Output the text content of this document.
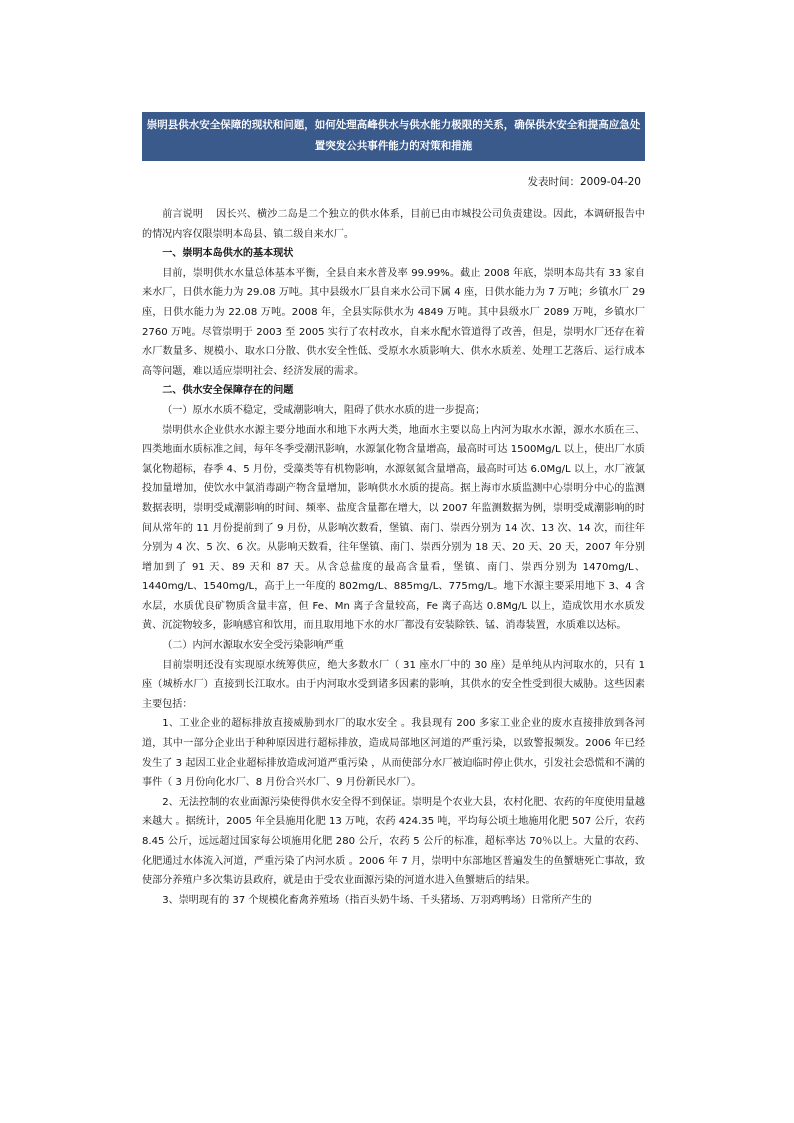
崇明县供水安全保障的现状和问题，如何处理高峰供水与供水能力极限的关系，确保供水安全和提高应急处置突发公共事件能力的对策和措施
发表时间：2009-04-20

前言说明 因长兴、横沙二岛是二个独立的供水体系，目前已由市城投公司负责建设。因此，本调研报告中的情况内容仅限崇明本岛县、镇二级自来水厂。

一、崇明本岛供水的基本现状

目前，崇明供水水量总体基本平衡，全县自来水普及率 99.99%。截止 2008 年底，崇明本岛共有 33 家自来水厂，日供水能力为 29.08 万吨。其中县级水厂县自来水公司下属 4 座，日供水能力为 7 万吨；乡镇水厂 29 座，日供水能力为 22.08 万吨。2008 年，全县实际供水为 4849 万吨。其中县级水厂 2089 万吨，乡镇水厂 2760 万吨。尽管崇明于 2003 至 2005 实行了农村改水，自来水配水管道得了改善，但是，崇明水厂还存在着水厂数量多、规模小、取水口分散、供水安全性低、受原水水质影响大、供水水质差、处理工艺落后、运行成本高等问题，难以适应崇明社会、经济发展的需求。

二、供水安全保障存在的问题

（一）原水水质不稳定，受咸潮影响大，阻碍了供水水质的进一步提高；

崇明供水企业供水水源主要分地面水和地下水两大类，地面水主要以岛上内河为取水水源，源水水质在三、四类地面水质标准之间，每年冬季受潮汛影响，水源氯化物含量增高，最高时可达 1500Mg/L 以上，使出厂水质氯化物超标，春季 4、5 月份，受藻类等有机物影响，水源氨氮含量增高，最高时可达 6.0Mg/L 以上，水厂液氯投加量增加，使饮水中氯消毒副产物含量增加，影响供水水质的提高。据上海市水质监测中心崇明分中心的监测数据表明，崇明受咸潮影响的时间、频率、盐度含量都在增大，以 2007 年监测数据为例，崇明受咸潮影响的时间从常年的 11 月份提前到了 9 月份，从影响次数看，堡镇、南门、崇西分别为 14 次、13 次、14 次，而往年分别为 4 次、5 次、6 次。从影响天数看，往年堡镇、南门、崇西分别为 18 天、20 天、20 天，2007 年分别增加到了 91 天、89 天和 87 天。从含总盐度的最高含量看，堡镇、南门、崇西分别为 1470mg/L、1440mg/L、1540mg/L，高于上一年度的 802mg/L、885mg/L、775mg/L。地下水源主要采用地下 3、4 含水层，水质优良矿物质含量丰富，但 Fe、Mn 离子含量较高，Fe 离子高达 0.8Mg/L 以上，造成饮用水水质发黄、沉淀物较多，影响感官和饮用，而且取用地下水的水厂都没有安装除铁、锰、消毒装置，水质难以达标。

（二）内河水源取水安全受污染影响严重

目前崇明还没有实现原水统筹供应，绝大多数水厂（ 31 座水厂中的 30 座）是单纯从内河取水的，只有 1 座（城桥水厂）直接到长江取水。由于内河取水受到诸多因素的影响，其供水的安全性受到很大威胁。这些因素主要包括：

1、工业企业的超标排放直接威胁到水厂的取水安全 。我县现有 200 多家工业企业的废水直接排放到各河道，其中一部分企业出于种种原因进行超标排放，造成局部地区河道的严重污染，以致警报频发。2006 年已经发生了 3 起因工业企业超标排放造成河道严重污染 ，从而使部分水厂被迫临时停止供水，引发社会恐慌和不满的事件（ 3 月份向化水厂、8 月份合兴水厂、9 月份新民水厂）。

2、无法控制的农业面源污染使得供水安全得不到保证。崇明是个农业大县，农村化肥、农药的年度使用量越来越大 。据统计，2005 年全县施用化肥 13 万吨，农药 424.35 吨，平均每公顷土地施用化肥 507 公斤，农药 8.45 公斤，远远超过国家每公顷施用化肥 280 公斤，农药 5 公斤的标准，超标率达 70％以上。大量的农药、化肥通过水体流入河道，严重污染了内河水质 。2006 年 7 月，崇明中东部地区普遍发生的鱼蟹塘死亡事故，致使部分养殖户多次集访县政府，就是由于受农业面源污染的河道水进入鱼蟹塘后的结果。

3、崇明现有的 37 个规模化畜禽养殖场（指百头奶牛场、千头猪场、万羽鸡鸭场）日常所产生的
